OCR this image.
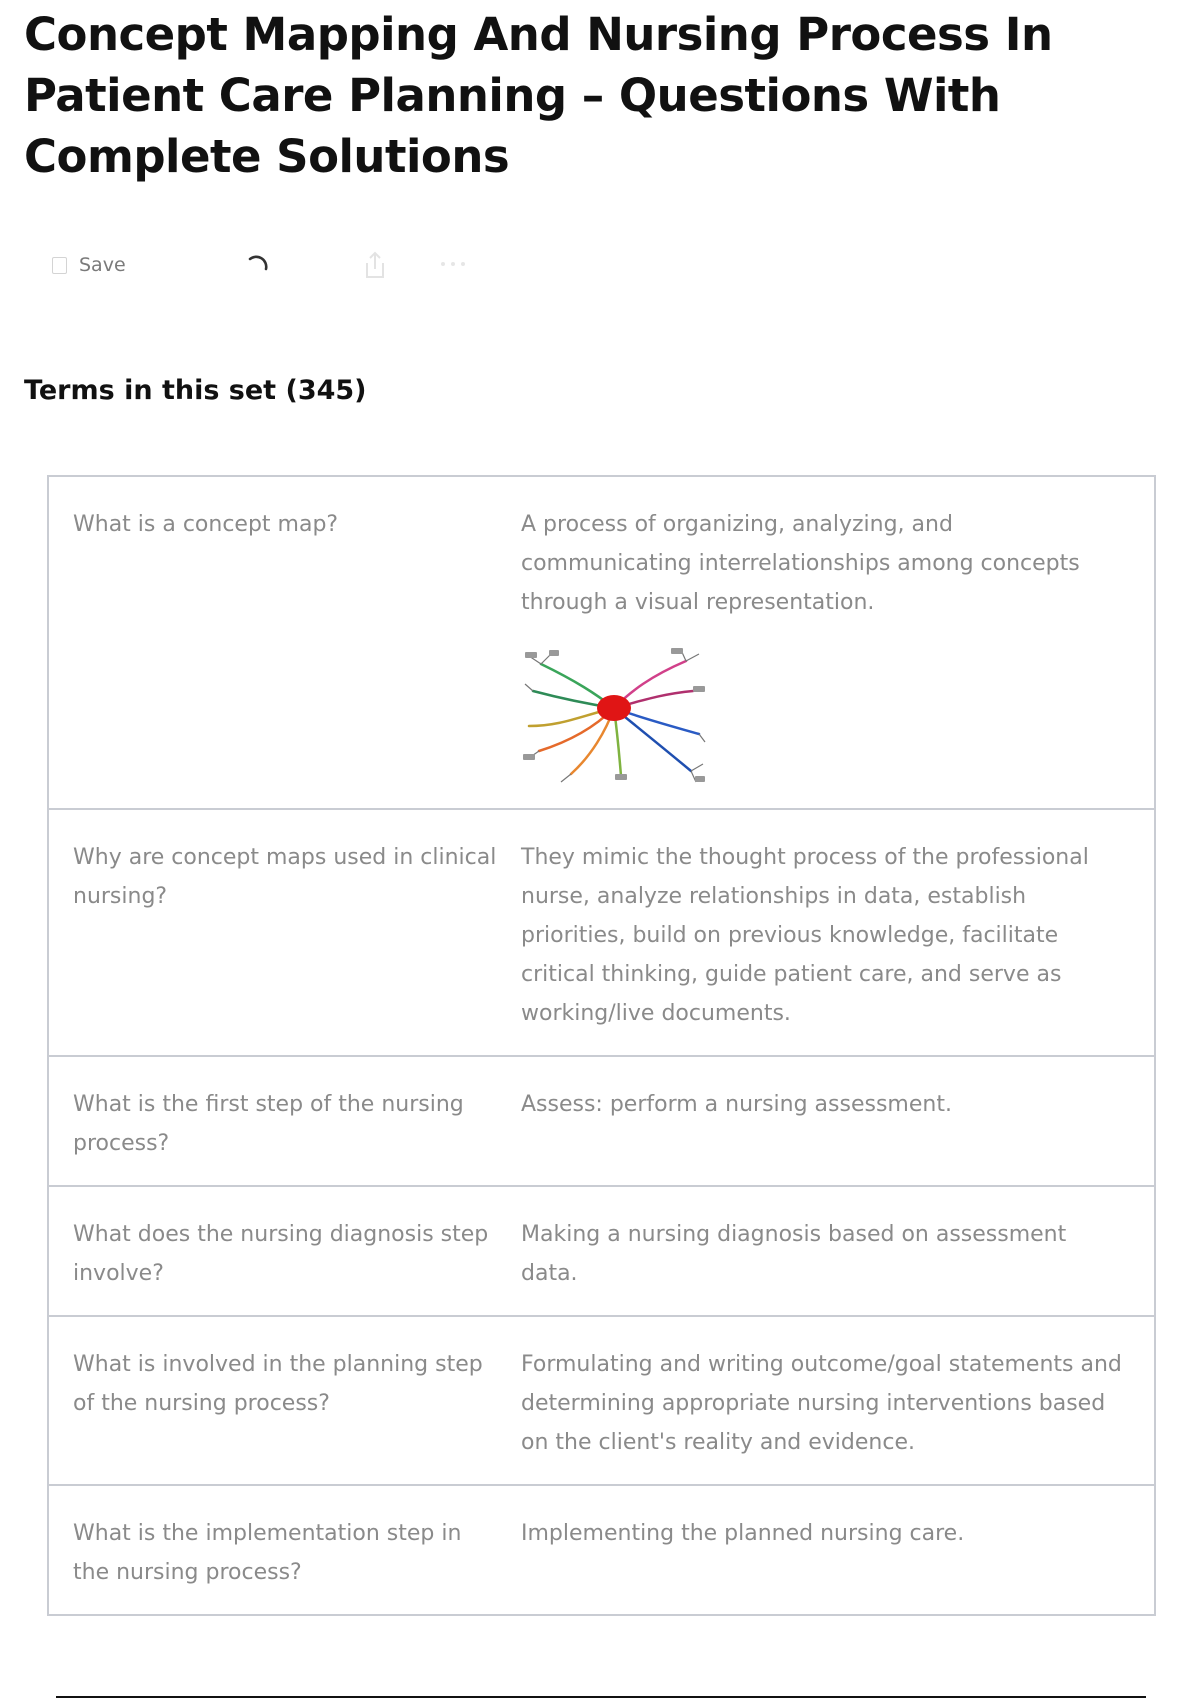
Concept Mapping And Nursing Process In Patient Care Planning – Questions With Complete Solutions
Save
Terms in this set (345)
What is a concept map?	A process of organizing, analyzing, and communicating interrelationships among concepts through a visual representation.
Why are concept maps used in clinical nursing?
They mimic the thought process of the professional nurse, analyze relationships in data, establish priorities, build on previous knowledge, facilitate critical thinking, guide patient care, and serve as working/live documents.
What is the first step of the nursing process?
Assess: perform a nursing assessment.
What does the nursing diagnosis step involve?
Making a nursing diagnosis based on assessment data.
What is involved in the planning step of the nursing process?
Formulating and writing outcome/goal statements and determining appropriate nursing interventions based on the client's reality and evidence.
What is the implementation step in the nursing process?
Implementing the planned nursing care.
